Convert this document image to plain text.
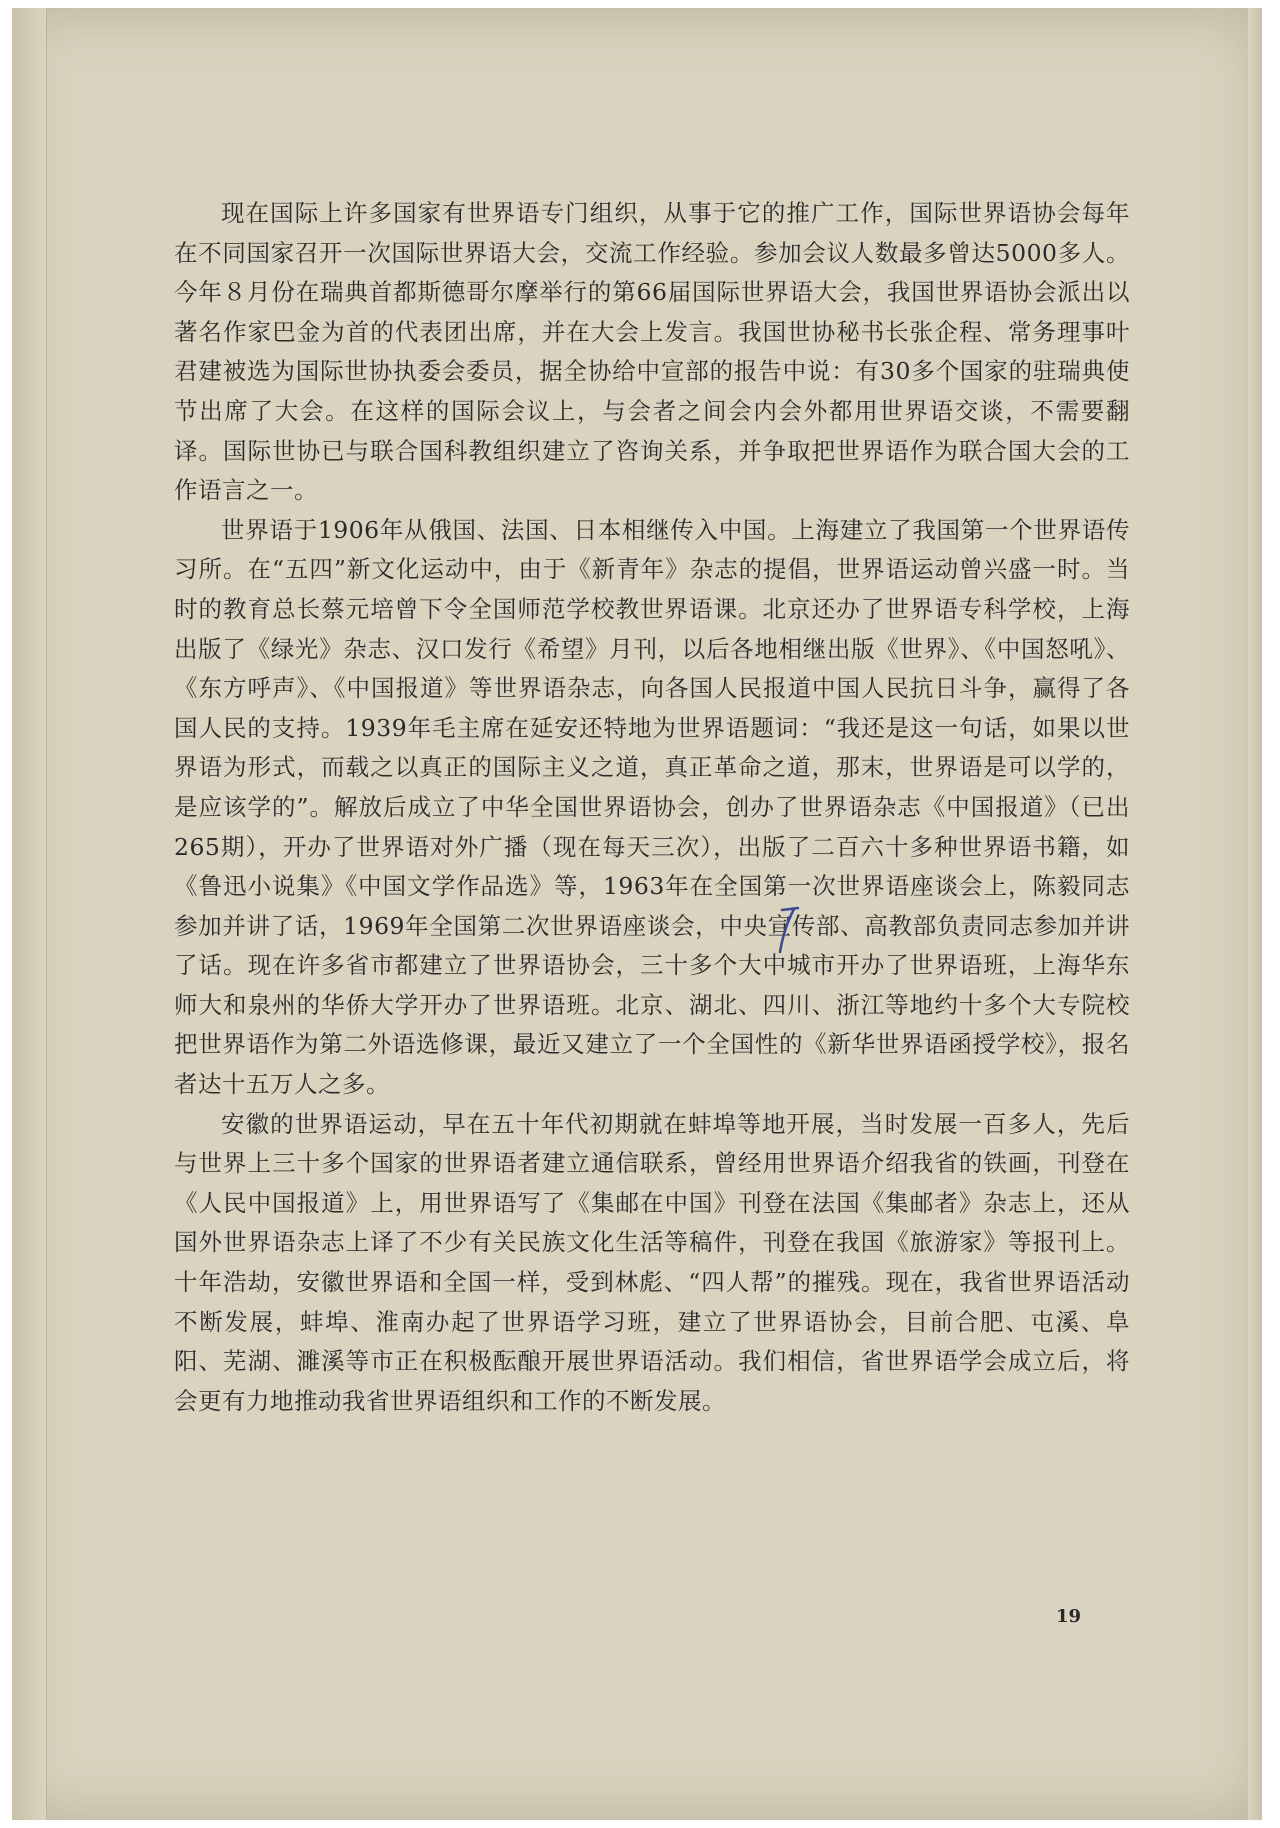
现在国际上许多国家有世界语专门组织，从事于它的推广工作，国际世界语协会每年在不同国家召开一次国际世界语大会，交流工作经验。参加会议人数最多曾达5000多人。今年８月份在瑞典首都斯德哥尔摩举行的第66届国际世界语大会，我国世界语协会派出以著名作家巴金为首的代表团出席，并在大会上发言。我国世协秘书长张企程、常务理事叶君建被选为国际世协执委会委员，据全协给中宣部的报告中说：有30多个国家的驻瑞典使节出席了大会。在这样的国际会议上，与会者之间会内会外都用世界语交谈，不需要翻译。国际世协已与联合国科教组织建立了咨询关系，并争取把世界语作为联合国大会的工作语言之一。

世界语于1906年从俄国、法国、日本相继传入中国。上海建立了我国第一个世界语传习所。在“五四”新文化运动中，由于《新青年》杂志的提倡，世界语运动曾兴盛一时。当时的教育总长蔡元培曾下令全国师范学校教世界语课。北京还办了世界语专科学校，上海出版了《绿光》杂志、汉口发行《希望》月刊，以后各地相继出版《世界》、《中国怒吼》、《东方呼声》、《中国报道》等世界语杂志，向各国人民报道中国人民抗日斗争，赢得了各国人民的支持。1939年毛主席在延安还特地为世界语题词：“我还是这一句话，如果以世界语为形式，而载之以真正的国际主义之道，真正革命之道，那末，世界语是可以学的，是应该学的”。解放后成立了中华全国世界语协会，创办了世界语杂志《中国报道》（已出265期），开办了世界语对外广播（现在每天三次），出版了二百六十多种世界语书籍，如《鲁迅小说集》《中国文学作品选》等，1963年在全国第一次世界语座谈会上，陈毅同志参加并讲了话，1969年全国第二次世界语座谈会，中央宣传部、高教部负责同志参加并讲了话。现在许多省市都建立了世界语协会，三十多个大中城市开办了世界语班，上海华东师大和泉州的华侨大学开办了世界语班。北京、湖北、四川、浙江等地约十多个大专院校把世界语作为第二外语选修课，最近又建立了一个全国性的《新华世界语函授学校》，报名者达十五万人之多。

安徽的世界语运动，早在五十年代初期就在蚌埠等地开展，当时发展一百多人，先后与世界上三十多个国家的世界语者建立通信联系，曾经用世界语介绍我省的铁画，刊登在《人民中国报道》上，用世界语写了《集邮在中国》刊登在法国《集邮者》杂志上，还从国外世界语杂志上译了不少有关民族文化生活等稿件，刊登在我国《旅游家》等报刊上。十年浩劫，安徽世界语和全国一样，受到林彪、“四人帮”的摧残。现在，我省世界语活动不断发展，蚌埠、淮南办起了世界语学习班，建立了世界语协会，目前合肥、屯溪、阜阳、芜湖、濉溪等市正在积极酝酿开展世界语活动。我们相信，省世界语学会成立后，将会更有力地推动我省世界语组织和工作的不断发展。

19
